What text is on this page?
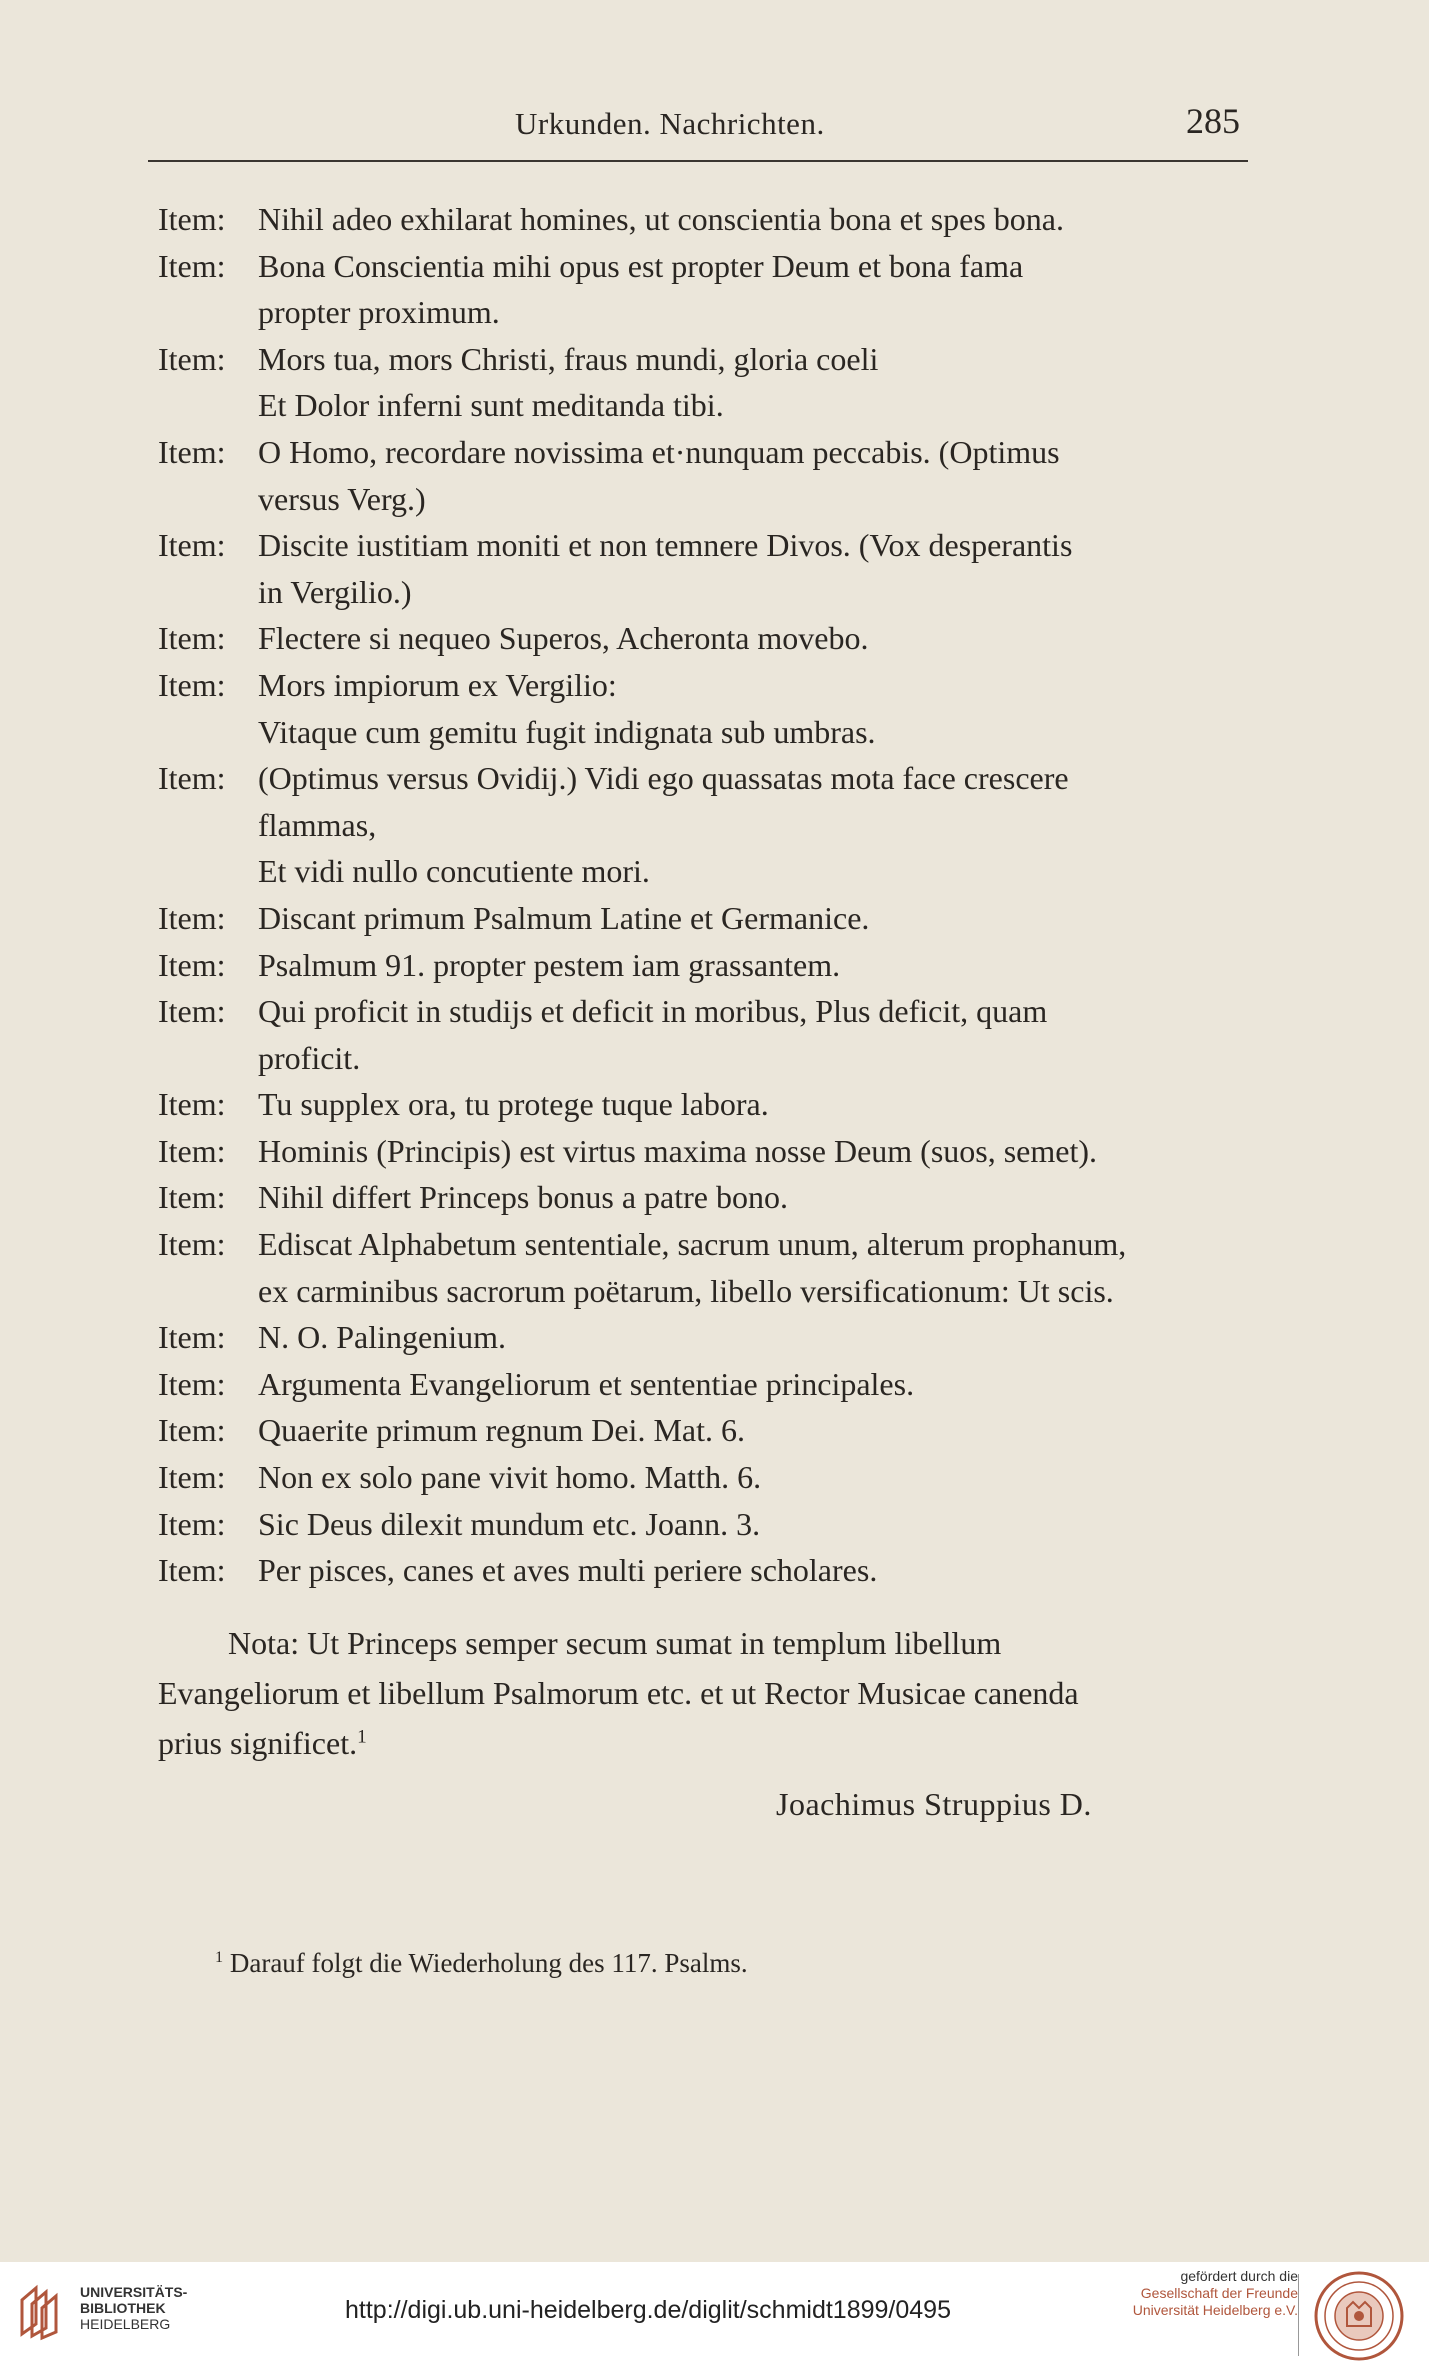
Urkunden. Nachrichten.	285
Item:	Nihil adeo exhilarat homines, ut conscientia bona et spes bona.
Item:	Bona Conscientia mihi opus est propter Deum et bona fama
propter proximum.
Item:	Mors tua, mors Christi, fraus mundi, gloria coeli
Et Dolor inferni sunt meditanda tibi.
Item:	O Homo, recordare novissima et·nunquam peccabis. (Optimus
versus Verg.)
Item:	Discite iustitiam moniti et non temnere Divos. (Vox desperantis
in Vergilio.)
Item:	Flectere si nequeo Superos, Acheronta movebo.
Item:	Mors impiorum ex Vergilio:
Vitaque cum gemitu fugit indignata sub umbras.
Item:	(Optimus versus Ovidij.) Vidi ego quassatas mota face crescere
flammas,
Et vidi nullo concutiente mori.
Item:	Discant primum Psalmum Latine et Germanice.
Item:	Psalmum 91. propter pestem iam grassantem.
Item:	Qui proficit in studijs et deficit in moribus, Plus deficit, quam
proficit.
Item:	Tu supplex ora, tu protege tuque labora.
Item:	Hominis (Principis) est virtus maxima nosse Deum (suos, semet).
Item:	Nihil differt Princeps bonus a patre bono.
Item:	Ediscat Alphabetum sententiale, sacrum unum, alterum prophanum,
ex carminibus sacrorum poëtarum, libello versificationum: Ut scis.
Item:	N. O. Palingenium.
Item:	Argumenta Evangeliorum et sententiae principales.
Item:	Quaerite primum regnum Dei. Mat. 6.
Item:	Non ex solo pane vivit homo. Matth. 6.
Item:	Sic Deus dilexit mundum etc. Joann. 3.
Item:	Per pisces, canes et aves multi periere scholares.
Nota: Ut Princeps semper secum sumat in templum libellum
Evangeliorum et libellum Psalmorum etc. et ut Rector Musicae canenda
prius significet.$^1$
Joachimus Struppius D.
$^1$ Darauf folgt die Wiederholung des 117. Psalms.
UNIVERSITÄTS-
BIBLIOTHEK
HEIDELBERG	http://digi.ub.uni-heidelberg.de/diglit/schmidt1899/0495
gefördert durch die
Gesellschaft der Freunde
Universität Heidelberg e.V.
